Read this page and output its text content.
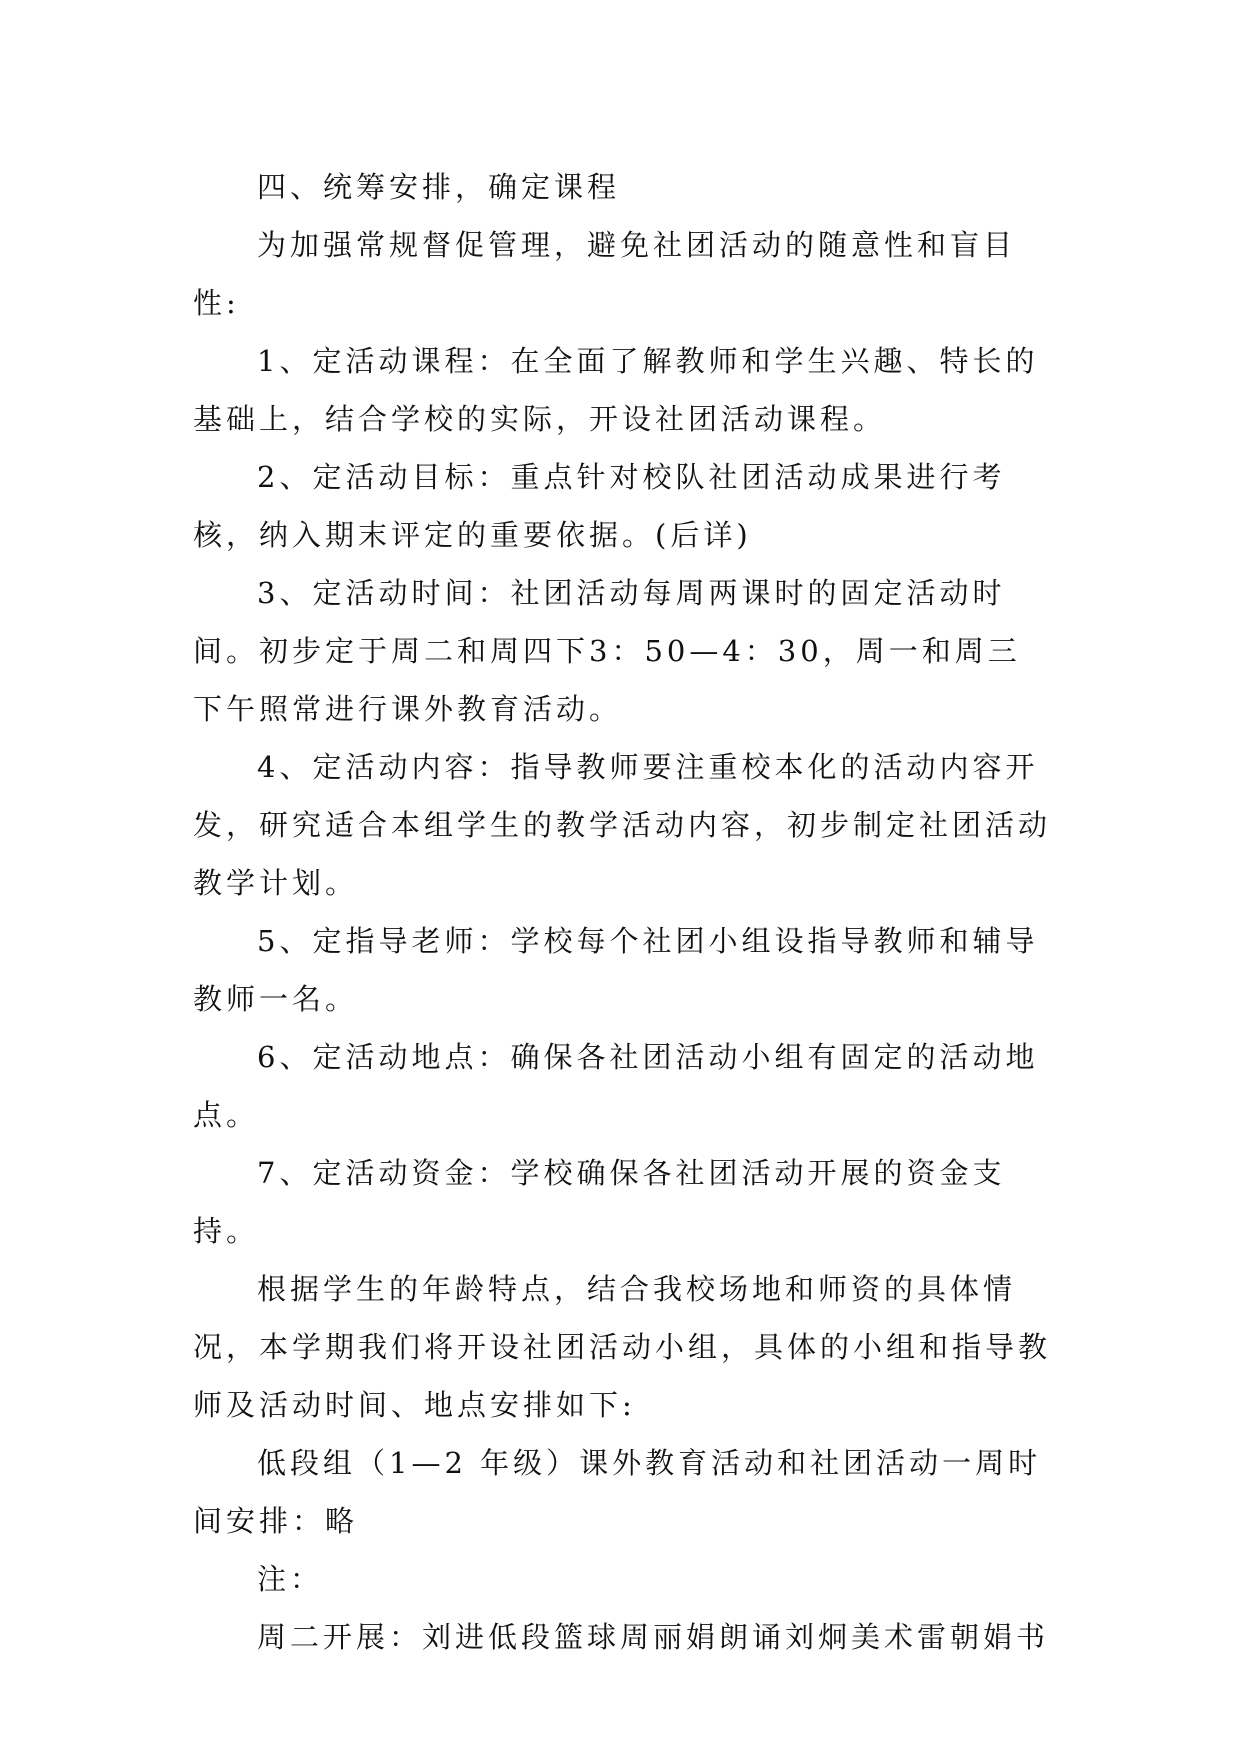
四、统筹安排，确定课程

为加强常规督促管理，避免社团活动的随意性和盲目性:

1、定活动课程：在全面了解教师和学生兴趣、特长的基础上，结合学校的实际，开设社团活动课程。

2、定活动目标：重点针对校队社团活动成果进行考核，纳入期末评定的重要依据。(后详)

3、定活动时间：社团活动每周两课时的固定活动时间。初步定于周二和周四下3：50—4：30，周一和周三下午照常进行课外教育活动。

4、定活动内容：指导教师要注重校本化的活动内容开发，研究适合本组学生的教学活动内容，初步制定社团活动教学计划。

5、定指导老师：学校每个社团小组设指导教师和辅导教师一名。

6、定活动地点：确保各社团活动小组有固定的活动地点。

7、定活动资金：学校确保各社团活动开展的资金支持。

根据学生的年龄特点，结合我校场地和师资的具体情况，本学期我们将开设社团活动小组，具体的小组和指导教师及活动时间、地点安排如下:

低段组（1—2 年级）课外教育活动和社团活动一周时间安排：略

注：

周二开展：刘进低段篮球周丽娟朗诵刘炯美术雷朝娟书
